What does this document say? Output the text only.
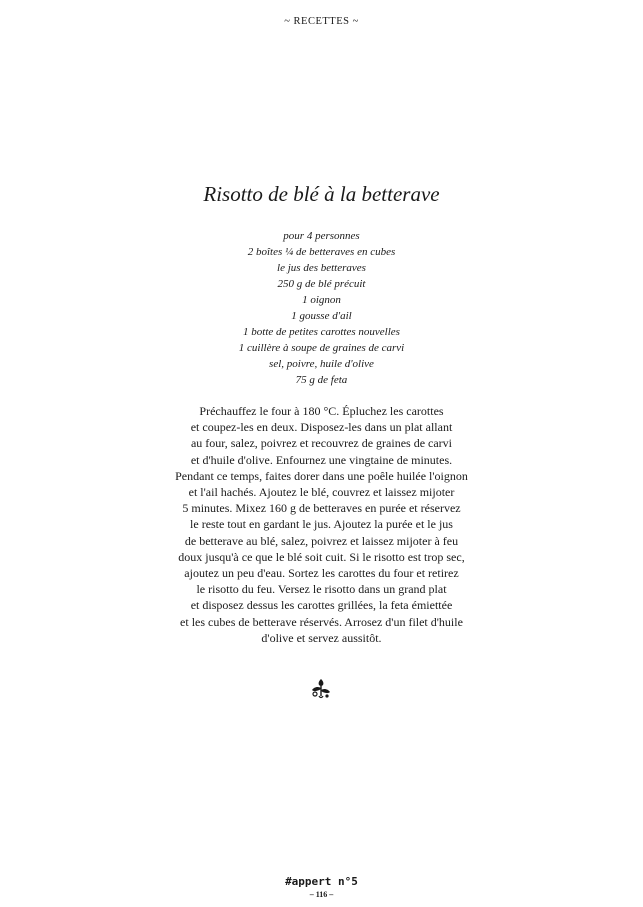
~ RECETTES ~
Risotto de blé à la betterave
pour 4 personnes
2 boîtes ¼ de betteraves en cubes
le jus des betteraves
250 g de blé précuit
1 oignon
1 gousse d'ail
1 botte de petites carottes nouvelles
1 cuillère à soupe de graines de carvi
sel, poivre, huile d'olive
75 g de feta
Préchauffez le four à 180 °C. Épluchez les carottes
et coupez-les en deux. Disposez-les dans un plat allant
au four, salez, poivrez et recouvrez de graines de carvi
et d'huile d'olive. Enfournez une vingtaine de minutes.
Pendant ce temps, faites dorer dans une poêle huilée l'oignon
et l'ail hachés. Ajoutez le blé, couvrez et laissez mijoter
5 minutes. Mixez 160 g de betteraves en purée et réservez
le reste tout en gardant le jus. Ajoutez la purée et le jus
de betterave au blé, salez, poivrez et laissez mijoter à feu
doux jusqu'à ce que le blé soit cuit. Si le risotto est trop sec,
ajoutez un peu d'eau. Sortez les carottes du four et retirez
le risotto du feu. Versez le risotto dans un grand plat
et disposez dessus les carottes grillées, la feta émiettée
et les cubes de betterave réservés. Arrosez d'un filet d'huile
d'olive et servez aussitôt.
#appert n°5
– 116 –
